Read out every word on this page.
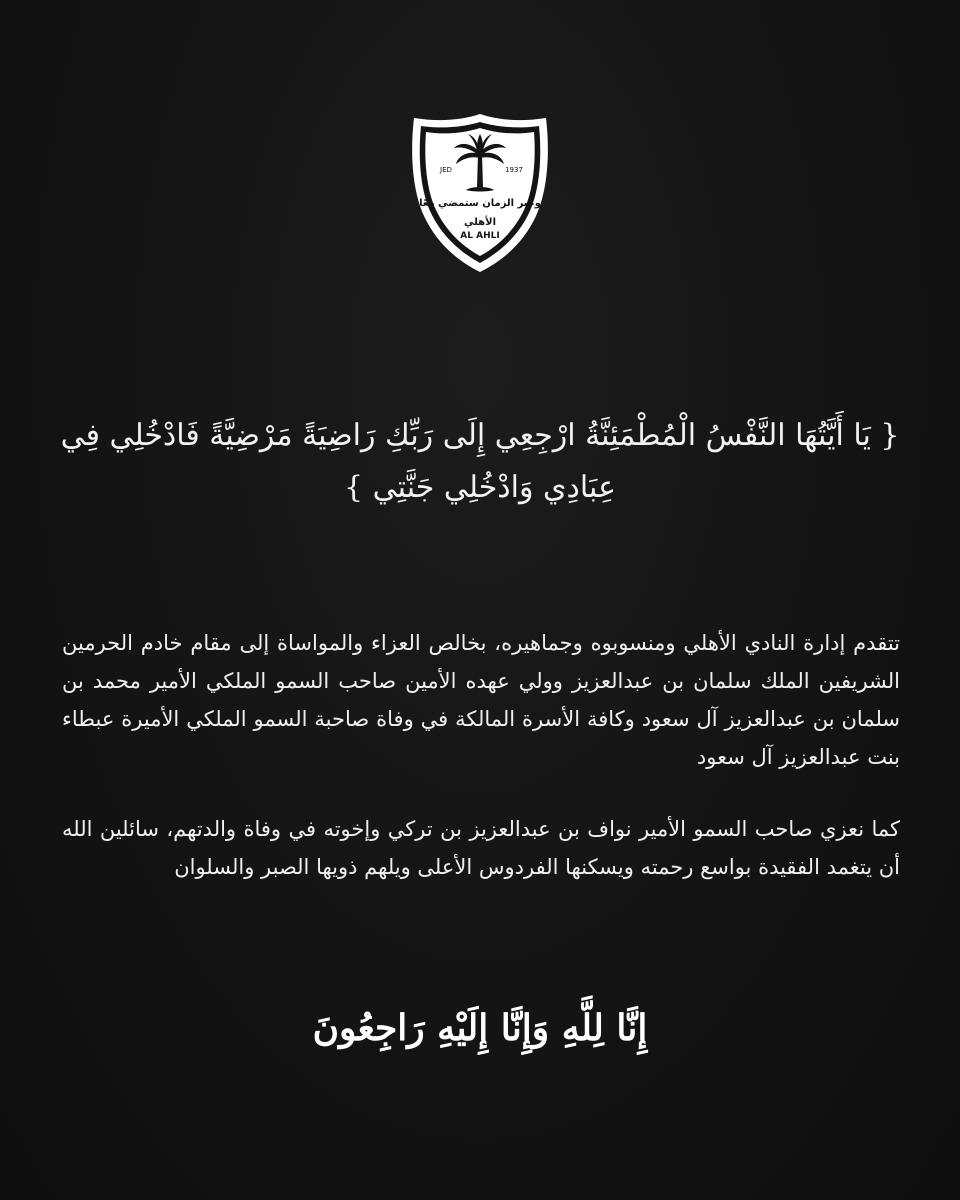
JED	1937
وعبر الزمان ستمضي معًا
الأهلي
AL AHLI
{ يَا أَيَّتُهَا النَّفْسُ الْمُطْمَئِنَّةُ ارْجِعِي إِلَى رَبِّكِ رَاضِيَةً مَرْضِيَّةً فَادْخُلِي فِي عِبَادِي وَادْخُلِي جَنَّتِي }
تتقدم إدارة النادي الأهلي ومنسوبوه وجماهيره، بخالص العزاء والمواساة إلى مقام خادم الحرمين الشريفين الملك سلمان بن عبدالعزيز وولي عهده الأمين صاحب السمو الملكي الأمير محمد بن سلمان بن عبدالعزيز آل سعود وكافة الأسرة المالكة في وفاة صاحبة السمو الملكي الأميرة عبطاء بنت عبدالعزيز آل سعود
كما نعزي صاحب السمو الأمير نواف بن عبدالعزيز بن تركي وإخوته في وفاة والدتهم، سائلين الله أن يتغمد الفقيدة بواسع رحمته ويسكنها الفردوس الأعلى ويلهم ذويها الصبر والسلوان
إِنَّا لِلَّهِ وَإِنَّا إِلَيْهِ رَاجِعُونَ
